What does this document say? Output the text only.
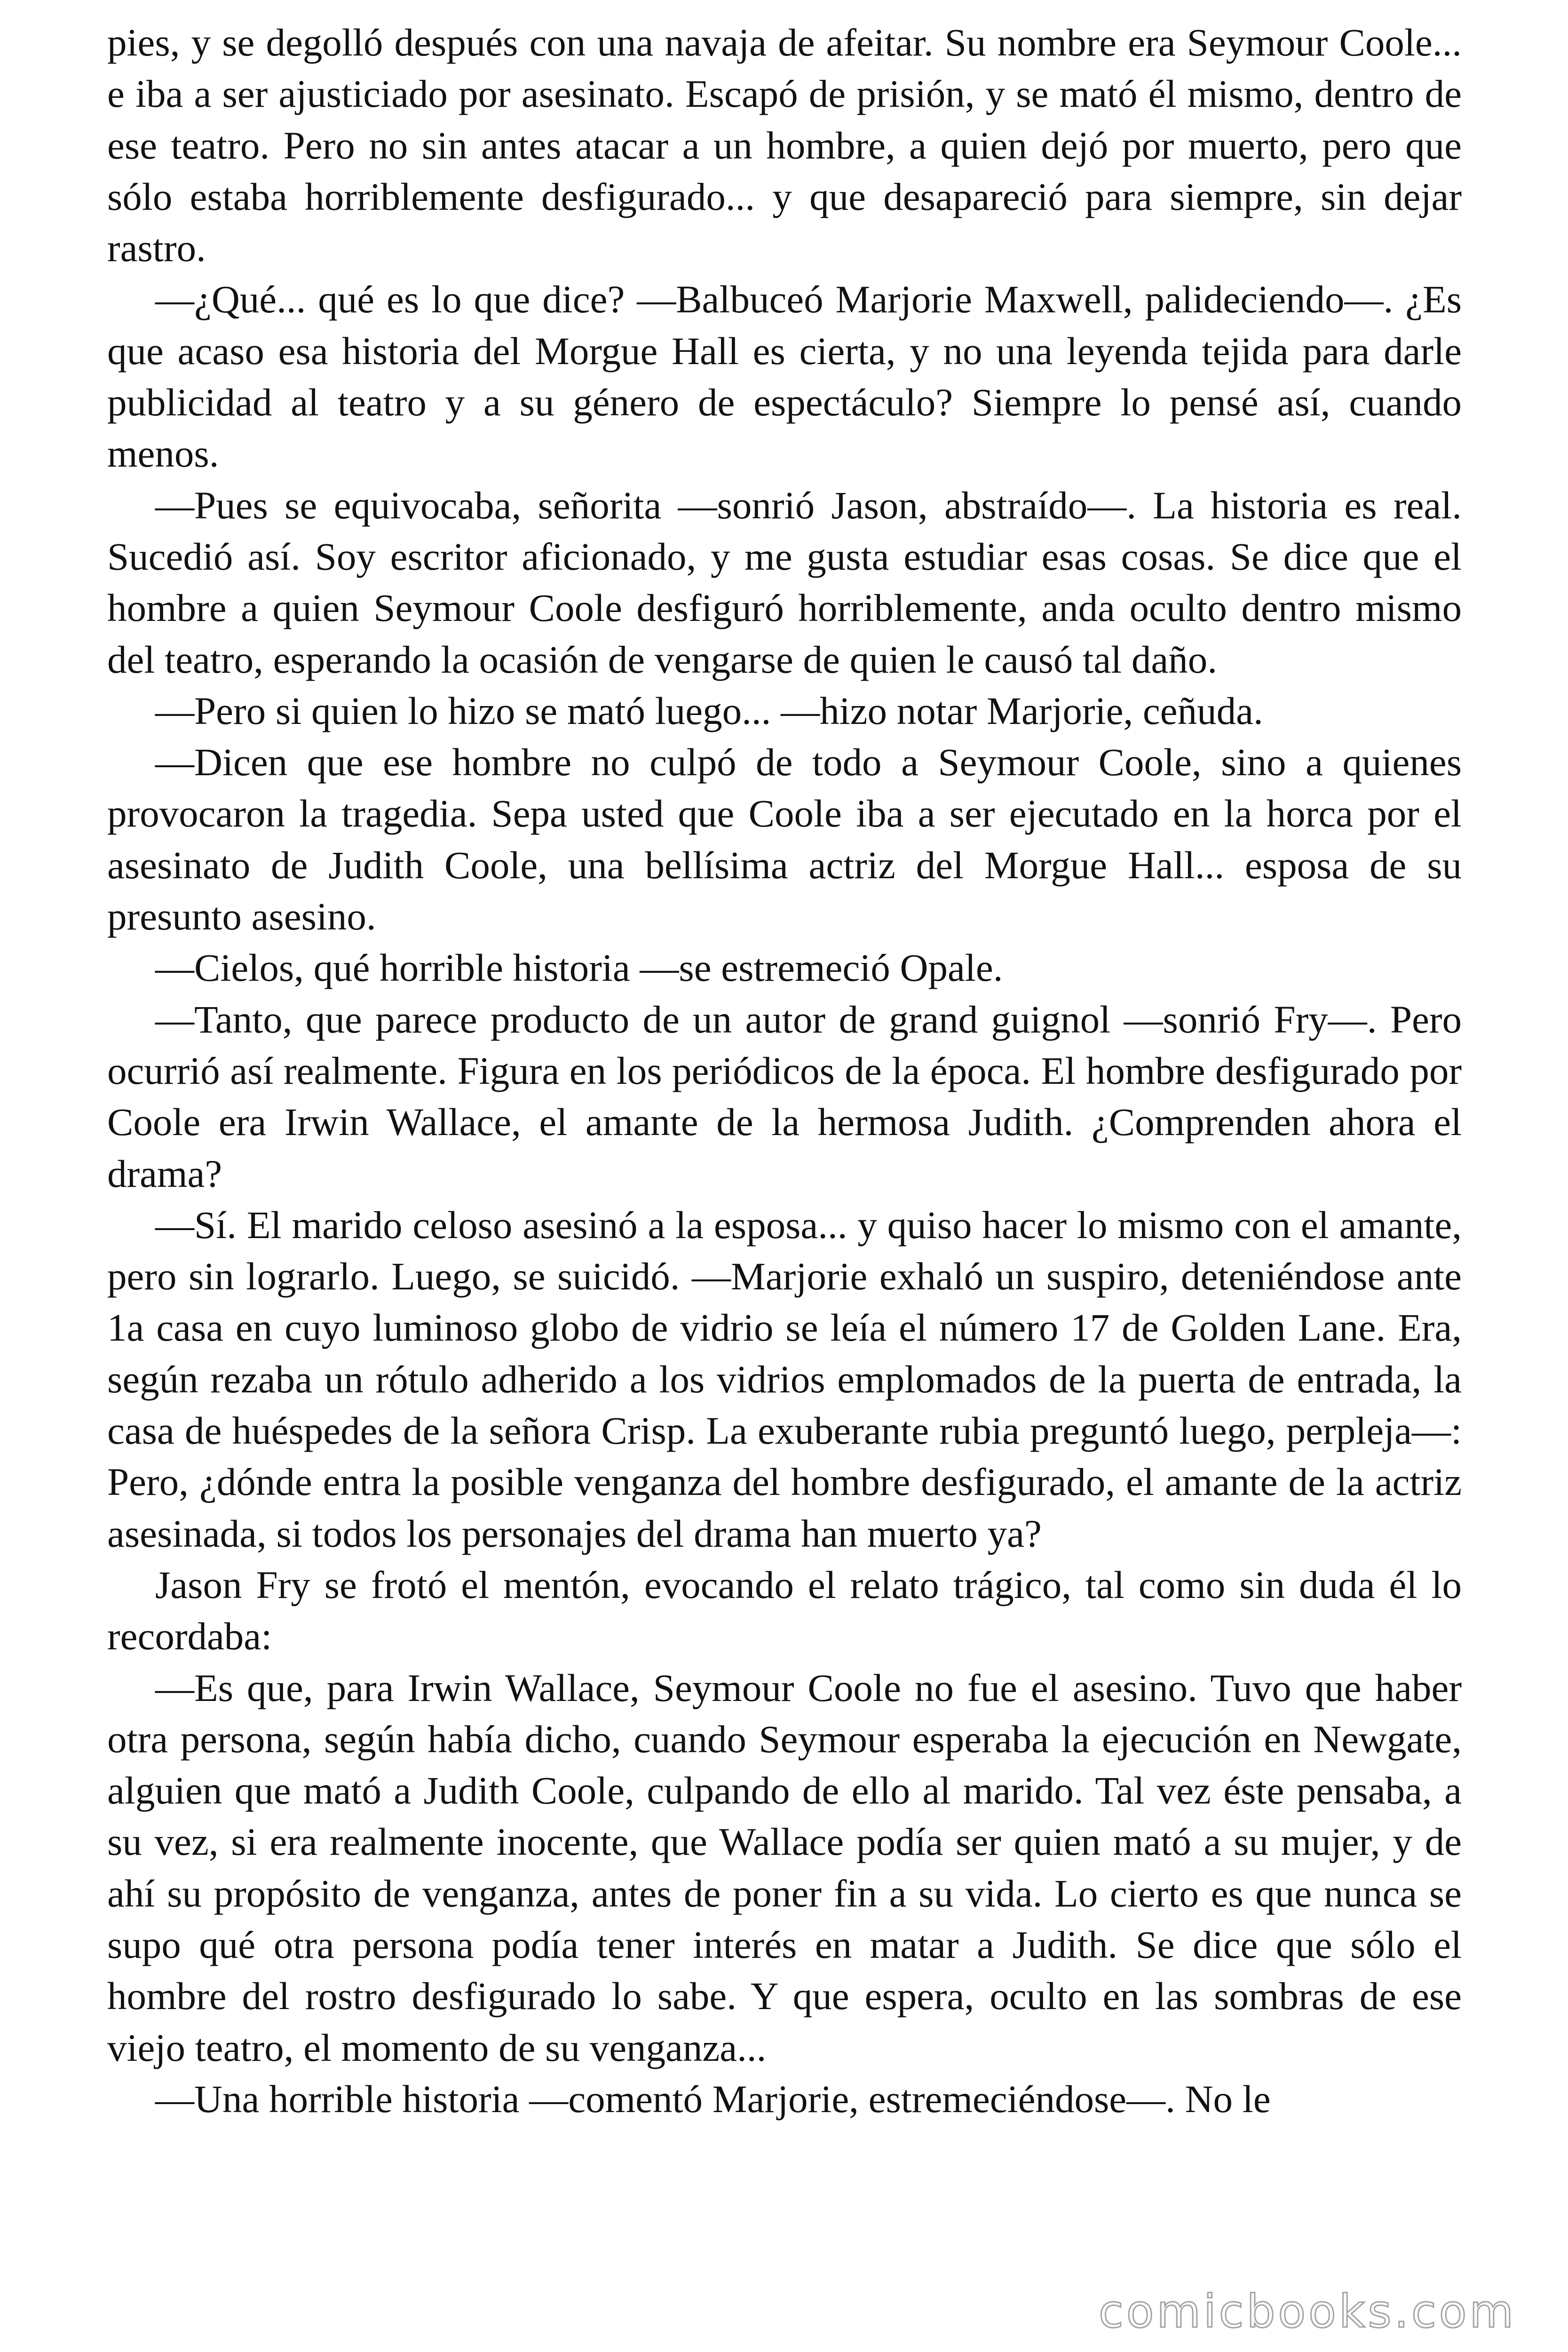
pies, y se degolló después con una navaja de afeitar. Su nombre era Seymour Coole... e iba a ser ajusticiado por asesinato. Escapó de prisión, y se mató él mismo, dentro de ese teatro. Pero no sin antes atacar a un hombre, a quien dejó por muerto, pero que sólo estaba horriblemente desfigurado... y que desapareció para siempre, sin dejar rastro.

—¿Qué... qué es lo que dice? —Balbuceó Marjorie Maxwell, palideciendo—. ¿Es que acaso esa historia del Morgue Hall es cierta, y no una leyenda tejida para darle publicidad al teatro y a su género de espectáculo? Siempre lo pensé así, cuando menos.

—Pues se equivocaba, señorita —sonrió Jason, abstraído—. La historia es real. Sucedió así. Soy escritor aficionado, y me gusta estudiar esas cosas. Se dice que el hombre a quien Seymour Coole desfiguró horriblemente, anda oculto dentro mismo del teatro, esperando la ocasión de vengarse de quien le causó tal daño.

—Pero si quien lo hizo se mató luego... —hizo notar Marjorie, ceñuda.

—Dicen que ese hombre no culpó de todo a Seymour Coole, sino a quienes provocaron la tragedia. Sepa usted que Coole iba a ser ejecutado en la horca por el asesinato de Judith Coole, una bellísima actriz del Morgue Hall... esposa de su presunto asesino.

—Cielos, qué horrible historia —se estremeció Opale.

—Tanto, que parece producto de un autor de grand guignol —sonrió Fry—. Pero ocurrió así realmente. Figura en los periódicos de la época. El hombre desfigurado por Coole era Irwin Wallace, el amante de la hermosa Judith. ¿Comprenden ahora el drama?

—Sí. El marido celoso asesinó a la esposa... y quiso hacer lo mismo con el amante, pero sin lograrlo. Luego, se suicidó. —Marjorie exhaló un suspiro, deteniéndose ante 1a casa en cuyo luminoso globo de vidrio se leía el número 17 de Golden Lane. Era, según rezaba un rótulo adherido a los vidrios emplomados de la puerta de entrada, la casa de huéspedes de la señora Crisp. La exuberante rubia preguntó luego, perpleja—: Pero, ¿dónde entra la posible venganza del hombre desfigurado, el amante de la actriz asesinada, si todos los personajes del drama han muerto ya?

Jason Fry se frotó el mentón, evocando el relato trágico, tal como sin duda él lo recordaba:

—Es que, para Irwin Wallace, Seymour Coole no fue el asesino. Tuvo que haber otra persona, según había dicho, cuando Seymour esperaba la ejecución en Newgate, alguien que mató a Judith Coole, culpando de ello al marido. Tal vez éste pensaba, a su vez, si era realmente inocente, que Wallace podía ser quien mató a su mujer, y de ahí su propósito de venganza, antes de poner fin a su vida. Lo cierto es que nunca se supo qué otra persona podía tener interés en matar a Judith. Se dice que sólo el hombre del rostro desfigurado lo sabe. Y que espera, oculto en las sombras de ese viejo teatro, el momento de su venganza...

—Una horrible historia —comentó Marjorie, estremeciéndose—. No le

comicbooks.com
